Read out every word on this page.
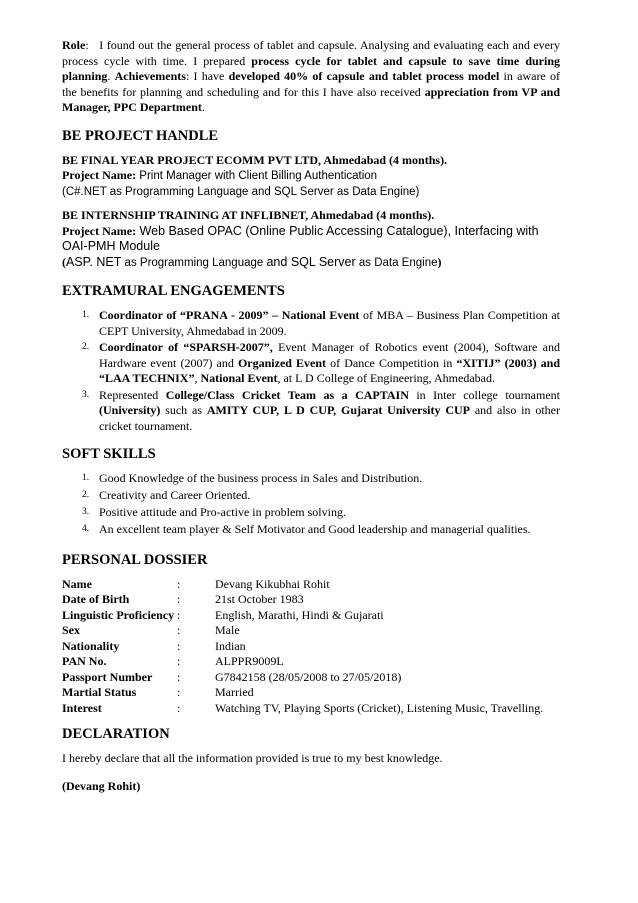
Role:   I found out the general process of tablet and capsule. Analysing and evaluating each and every process cycle with time. I prepared process cycle for tablet and capsule to save time during planning. Achievements: I have developed 40% of capsule and tablet process model in aware of the benefits for planning and scheduling and for this I have also received appreciation from VP and Manager, PPC Department.

BE PROJECT HANDLE

BE FINAL YEAR PROJECT ECOMM PVT LTD, Ahmedabad (4 months).

Project Name: Print Manager with Client Billing Authentication

(C#.NET as Programming Language and SQL Server as Data Engine)

BE INTERNSHIP TRAINING AT INFLIBNET, Ahmedabad (4 months).

Project Name: Web Based OPAC (Online Public Accessing Catalogue), Interfacing with OAI-PMH Module

(ASP. NET as Programming Language and SQL Server as Data Engine)

EXTRAMURAL ENGAGEMENTS
1. Coordinator of “PRANA - 2009” – National Event of MBA – Business Plan Competition at CEPT University, Ahmedabad in 2009.
2. Coordinator of “SPARSH-2007”, Event Manager of Robotics event (2004), Software and Hardware event (2007) and Organized Event of Dance Competition in “XITIJ” (2003) and “LAA TECHNIX”, National Event, at L D College of Engineering, Ahmedabad.
3. Represented College/Class Cricket Team as a CAPTAIN in Inter college tournament (University) such as AMITY CUP, L D CUP, Gujarat University CUP and also in other cricket tournament.
SOFT SKILLS
1. Good Knowledge of the business process in Sales and Distribution.
2. Creativity and Career Oriented.
3. Positive attitude and Pro-active in problem solving.
4. An excellent team player & Self Motivator and Good leadership and managerial qualities.
PERSONAL DOSSIER
Name	:	Devang Kikubhai Rohit
Date of Birth	:	21st October 1983
Linguistic Proficiency	:	English, Marathi, Hindi & Gujarati
Sex	:	Male
Nationality	:	Indian
PAN No.	:	ALPPR9009L
Passport Number	:	G7842158 (28/05/2008 to 27/05/2018)
Martial Status	:	Married
Interest	:	Watching TV, Playing Sports (Cricket), Listening Music, Travelling.
DECLARATION

I hereby declare that all the information provided is true to my best knowledge.

(Devang Rohit)
